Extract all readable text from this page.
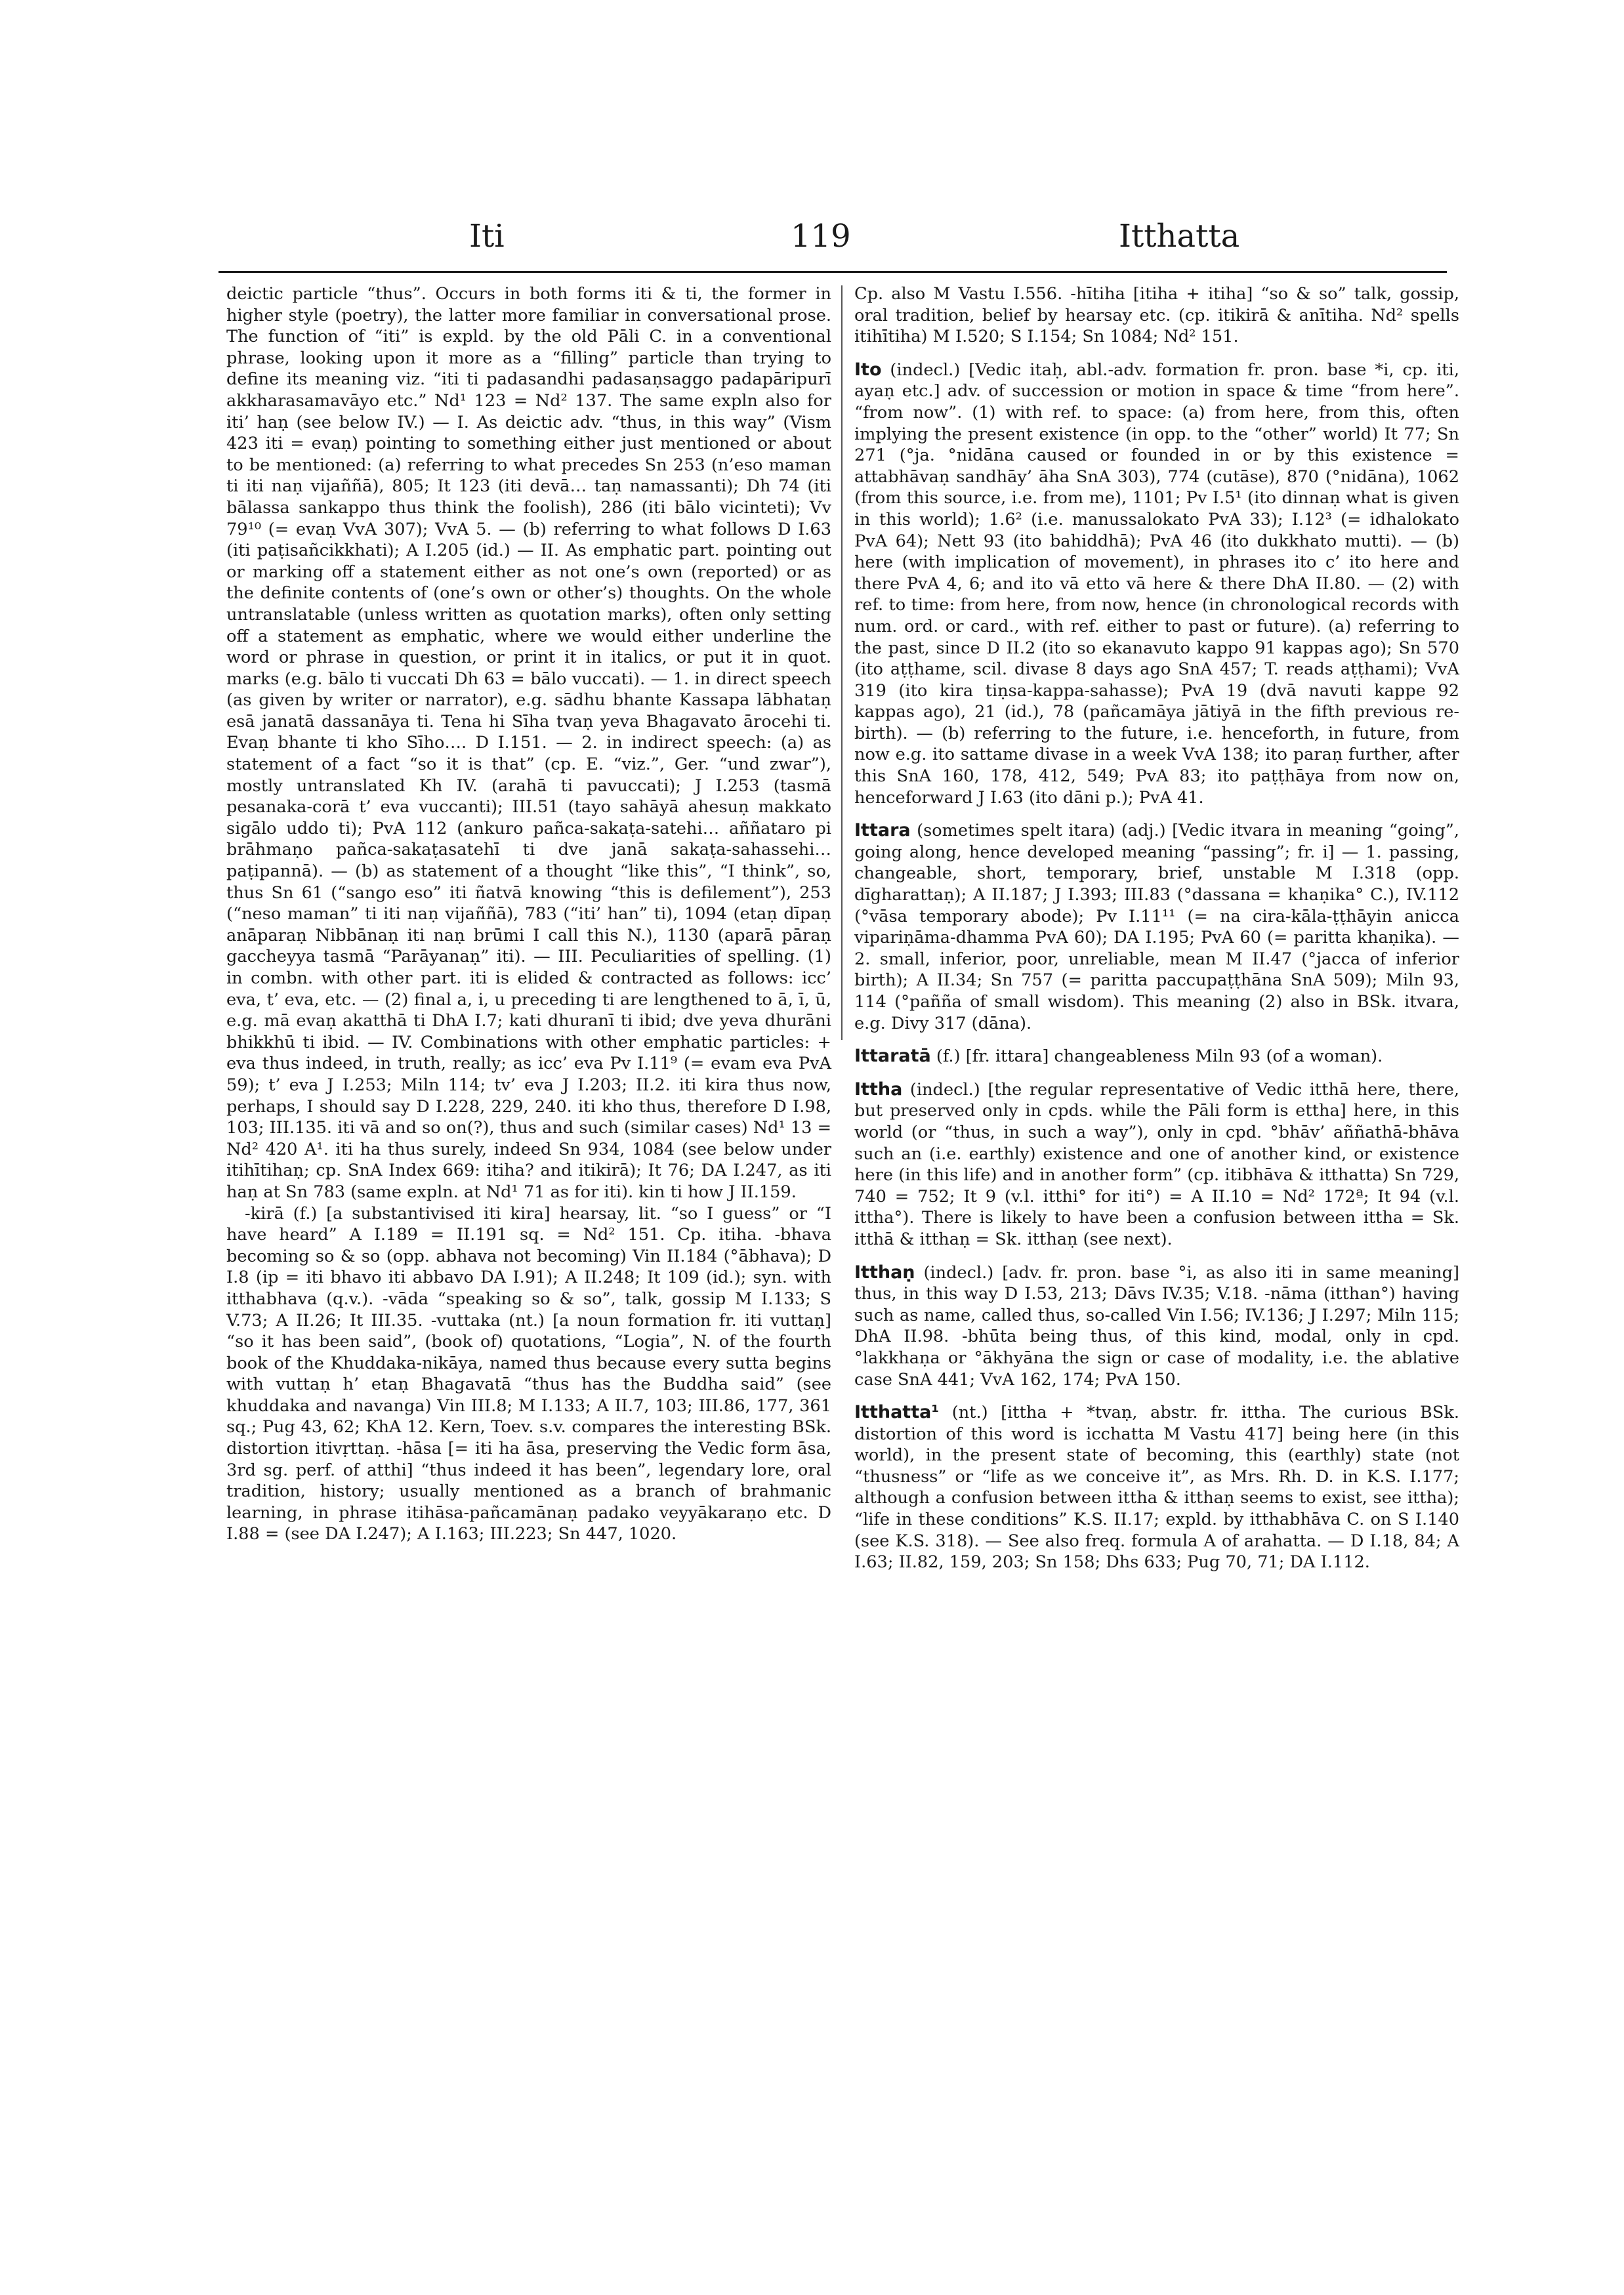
Iti	119	Itthatta

deictic particle “thus”. Occurs in both forms iti & ti, the former in higher style (poetry), the latter more familiar in conversational prose. The function of “iti” is expld. by the old Pāli C. in a conventional phrase, looking upon it more as a “filling” particle than trying to define its meaning viz. “iti ti padasandhi padasaṇsaggo padapāripurī akkharasamavāyo etc.” Nd¹ 123 = Nd² 137. The same expln also for iti’ haṇ (see below IV.) — I. As deictic adv. “thus, in this way” (Vism 423 iti = evaṇ) pointing to something either just mentioned or about to be mentioned: (a) referring to what precedes Sn 253 (n’eso maman ti iti naṇ vijaññā), 805; It 123 (iti devā… taṇ namassanti); Dh 74 (iti bālassa sankappo thus think the foolish), 286 (iti bālo vicinteti); Vv 79¹⁰ (= evaṇ VvA 307); VvA 5. — (b) referring to what follows D I.63 (iti paṭisañcikkhati); A I.205 (id.) — II. As emphatic part. pointing out or marking off a statement either as not one’s own (reported) or as the definite contents of (one’s own or other’s) thoughts. On the whole untranslatable (unless written as quotation marks), often only setting off a statement as emphatic, where we would either underline the word or phrase in question, or print it in italics, or put it in quot. marks (e.g. bālo ti vuccati Dh 63 = bālo vuccati). — 1. in direct speech (as given by writer or narrator), e.g. sādhu bhante Kassapa lābhataṇ esā janatā dassanāya ti. Tena hi Sīha tvaṇ yeva Bhagavato ārocehi ti. Evaṇ bhante ti kho Sīho…. D I.151. — 2. in indirect speech: (a) as statement of a fact “so it is that” (cp. E. “viz.”, Ger. “und zwar”), mostly untranslated Kh IV. (arahā ti pavuccati); J I.253 (tasmā pesanaka-corā t’ eva vuccanti); III.51 (tayo sahāyā ahesuṇ makkato sigālo uddo ti); PvA 112 (ankuro pañca-sakaṭa-satehi… aññataro pi brāhmaṇo pañca-sakaṭasatehī ti dve janā sakaṭa-sahassehi… paṭipannā). — (b) as statement of a thought “like this”, “I think”, so, thus Sn 61 (“sango eso” iti ñatvā knowing “this is defilement”), 253 (“neso maman” ti iti naṇ vijaññā), 783 (“iti’ han” ti), 1094 (etaṇ dīpaṇ anāparaṇ Nibbānaṇ iti naṇ brūmi I call this N.), 1130 (aparā pāraṇ gaccheyya tasmā “Parāyanaṇ” iti). — III. Peculiarities of spelling. (1) in combn. with other part. iti is elided & contracted as follows: icc’ eva, t’ eva, etc. — (2) final a, i, u preceding ti are lengthened to ā, ī, ū, e.g. mā evaṇ akatthā ti DhA I.7; kati dhuranī ti ibid; dve yeva dhurāni bhikkhū ti ibid. — IV. Combinations with other emphatic particles: + eva thus indeed, in truth, really; as icc’ eva Pv I.11⁹ (= evam eva PvA 59); t’ eva J I.253; Miln 114; tv’ eva J I.203; II.2. iti kira thus now, perhaps, I should say D I.228, 229, 240. iti kho thus, therefore D I.98, 103; III.135. iti vā and so on(?), thus and such (similar cases) Nd¹ 13 = Nd² 420 A¹. iti ha thus surely, indeed Sn 934, 1084 (see below under itihītihaṇ; cp. SnA Index 669: itiha? and itikirā); It 76; DA I.247, as iti haṇ at Sn 783 (same expln. at Nd¹ 71 as for iti). kin ti how J II.159.

-kirā (f.) [a substantivised iti kira] hearsay, lit. “so I guess” or “I have heard” A I.189 = II.191 sq. = Nd² 151. Cp. itiha. -bhava becoming so & so (opp. abhava not becoming) Vin II.184 (°ābhava); D I.8 (ip = iti bhavo iti abbavo DA I.91); A II.248; It 109 (id.); syn. with itthabhava (q.v.). -vāda “speaking so & so”, talk, gossip M I.133; S V.73; A II.26; It III.35. -vuttaka (nt.) [a noun formation fr. iti vuttaṇ] “so it has been said”, (book of) quotations, “Logia”, N. of the fourth book of the Khuddaka-nikāya, named thus because every sutta begins with vuttaṇ h’ etaṇ Bhagavatā “thus has the Buddha said” (see khuddaka and navanga) Vin III.8; M I.133; A II.7, 103; III.86, 177, 361 sq.; Pug 43, 62; KhA 12. Kern, Toev. s.v. compares the interesting BSk. distortion itivṛttaṇ. -hāsa [= iti ha āsa, preserving the Vedic form āsa, 3rd sg. perf. of atthi] “thus indeed it has been”, legendary lore, oral tradition, history; usually mentioned as a branch of brahmanic learning, in phrase itihāsa-pañcamānaṇ padako veyyākaraṇo etc. D I.88 = (see DA I.247); A I.163; III.223; Sn 447, 1020.

Cp. also M Vastu I.556. -hītiha [itiha + itiha] “so & so” talk, gossip, oral tradition, belief by hearsay etc. (cp. itikirā & anītiha. Nd² spells itihītiha) M I.520; S I.154; Sn 1084; Nd² 151.

Ito (indecl.) [Vedic itaḥ, abl.-adv. formation fr. pron. base *i, cp. iti, ayaṇ etc.] adv. of succession or motion in space & time “from here”. “from now”. (1) with ref. to space: (a) from here, from this, often implying the present existence (in opp. to the “other” world) It 77; Sn 271 (°ja. °nidāna caused or founded in or by this existence = attabhāvaṇ sandhāy’ āha SnA 303), 774 (cutāse), 870 (°nidāna), 1062 (from this source, i.e. from me), 1101; Pv I.5¹ (ito dinnaṇ what is given in this world); 1.6² (i.e. manussalokato PvA 33); I.12³ (= idhalokato PvA 64); Nett 93 (ito bahiddhā); PvA 46 (ito dukkhato mutti). — (b) here (with implication of movement), in phrases ito c’ ito here and there PvA 4, 6; and ito vā etto vā here & there DhA II.80. — (2) with ref. to time: from here, from now, hence (in chronological records with num. ord. or card., with ref. either to past or future). (a) referring to the past, since D II.2 (ito so ekanavuto kappo 91 kappas ago); Sn 570 (ito aṭṭhame, scil. divase 8 days ago SnA 457; T. reads aṭṭhami); VvA 319 (ito kira tiṇsa-kappa-sahasse); PvA 19 (dvā navuti kappe 92 kappas ago), 21 (id.), 78 (pañcamāya jātiyā in the fifth previous re-birth). — (b) referring to the future, i.e. henceforth, in future, from now e.g. ito sattame divase in a week VvA 138; ito paraṇ further, after this SnA 160, 178, 412, 549; PvA 83; ito paṭṭhāya from now on, henceforward J I.63 (ito dāni p.); PvA 41.

Ittara (sometimes spelt itara) (adj.) [Vedic itvara in meaning “going”, going along, hence developed meaning “passing”; fr. i] — 1. passing, changeable, short, temporary, brief, unstable M I.318 (opp. dīgharattaṇ); A II.187; J I.393; III.83 (°dassana = khaṇika° C.), IV.112 (°vāsa temporary abode); Pv I.11¹¹ (= na cira-kāla-ṭṭhāyin anicca vipariṇāma-dhamma PvA 60); DA I.195; PvA 60 (= paritta khaṇika). — 2. small, inferior, poor, unreliable, mean M II.47 (°jacca of inferior birth); A II.34; Sn 757 (= paritta paccupaṭṭhāna SnA 509); Miln 93, 114 (°pañña of small wisdom). This meaning (2) also in BSk. itvara, e.g. Divy 317 (dāna).

Ittaratā (f.) [fr. ittara] changeableness Miln 93 (of a woman).

Ittha (indecl.) [the regular representative of Vedic itthā here, there, but preserved only in cpds. while the Pāli form is ettha] here, in this world (or “thus, in such a way”), only in cpd. °bhāv’ aññathā-bhāva such an (i.e. earthly) existence and one of another kind, or existence here (in this life) and in another form” (cp. itibhāva & itthatta) Sn 729, 740 = 752; It 9 (v.l. itthi° for iti°) = A II.10 = Nd² 172ª; It 94 (v.l. ittha°). There is likely to have been a confusion between ittha = Sk. itthā & itthaṇ = Sk. itthaṇ (see next).

Itthaṇ (indecl.) [adv. fr. pron. base °i, as also iti in same meaning] thus, in this way D I.53, 213; Dāvs IV.35; V.18. -nāma (itthan°) having such as name, called thus, so-called Vin I.56; IV.136; J I.297; Miln 115; DhA II.98. -bhūta being thus, of this kind, modal, only in cpd. °lakkhaṇa or °ākhyāna the sign or case of modality, i.e. the ablative case SnA 441; VvA 162, 174; PvA 150.

Itthatta¹ (nt.) [ittha + *tvaṇ, abstr. fr. ittha. The curious BSk. distortion of this word is icchatta M Vastu 417] being here (in this world), in the present state of becoming, this (earthly) state (not “thusness” or “life as we conceive it”, as Mrs. Rh. D. in K.S. I.177; although a confusion between ittha & itthaṇ seems to exist, see ittha); “life in these conditions” K.S. II.17; expld. by itthabhāva C. on S I.140 (see K.S. 318). — See also freq. formula A of arahatta. — D I.18, 84; A I.63; II.82, 159, 203; Sn 158; Dhs 633; Pug 70, 71; DA I.112.
